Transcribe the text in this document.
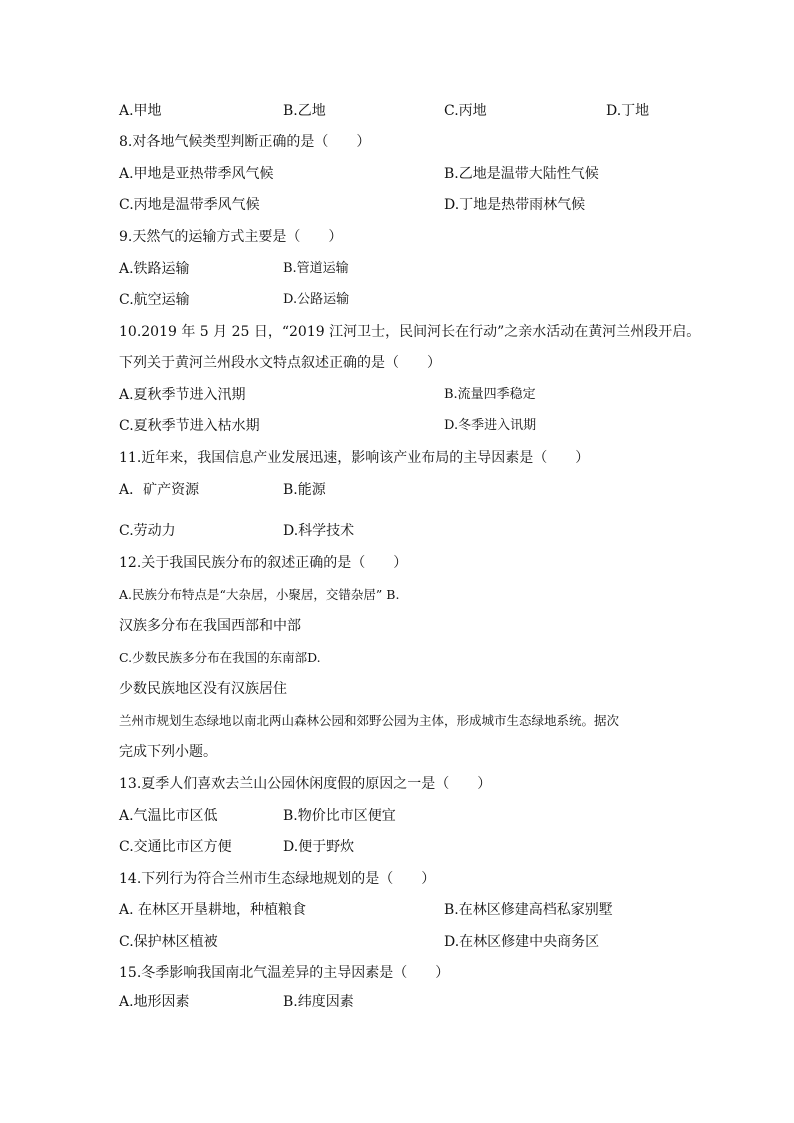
A.甲地	B.乙地	C.丙地	D.丁地
8.对各地气候类型判断正确的是（　　）
A.甲地是亚热带季风气候	B.乙地是温带大陆性气候
C.丙地是温带季风气候	D.丁地是热带雨林气候
9.天然气的运输方式主要是（　　）
A.铁路运输	B.管道运输
C.航空运输	D.公路运输
10.2019 年 5 月 25 日，“2019 江河卫士，民间河长在行动”之亲水活动在黄河兰州段开启。
下列关于黄河兰州段水文特点叙述正确的是（　　）
A.夏秋季节进入汛期	B.流量四季稳定
C.夏秋季节进入枯水期	D.冬季进入讯期
11.近年来，我国信息产业发展迅速，影响该产业布局的主导因素是（　　）
A．矿产资源	B.能源
C.劳动力	D.科学技术
12.关于我国民族分布的叙述正确的是（　　）
A.民族分布特点是“大杂居，小聚居，交错杂居” B.
汉族多分布在我国西部和中部
C.少数民族多分布在我国的东南部D.
少数民族地区没有汉族居住
兰州市规划生态绿地以南北两山森林公园和郊野公园为主体，形成城市生态绿地系统。据次
完成下列小题。
13.夏季人们喜欢去兰山公园休闲度假的原因之一是（　　）
A.气温比市区低	B.物价比市区便宜
C.交通比市区方便	D.便于野炊
14.下列行为符合兰州市生态绿地规划的是（　　）
A. 在林区开垦耕地，种植粮食	B.在林区修建高档私家别墅
C.保护林区植被	D.在林区修建中央商务区
15.冬季影响我国南北气温差异的主导因素是（　　）
A.地形因素	B.纬度因素
